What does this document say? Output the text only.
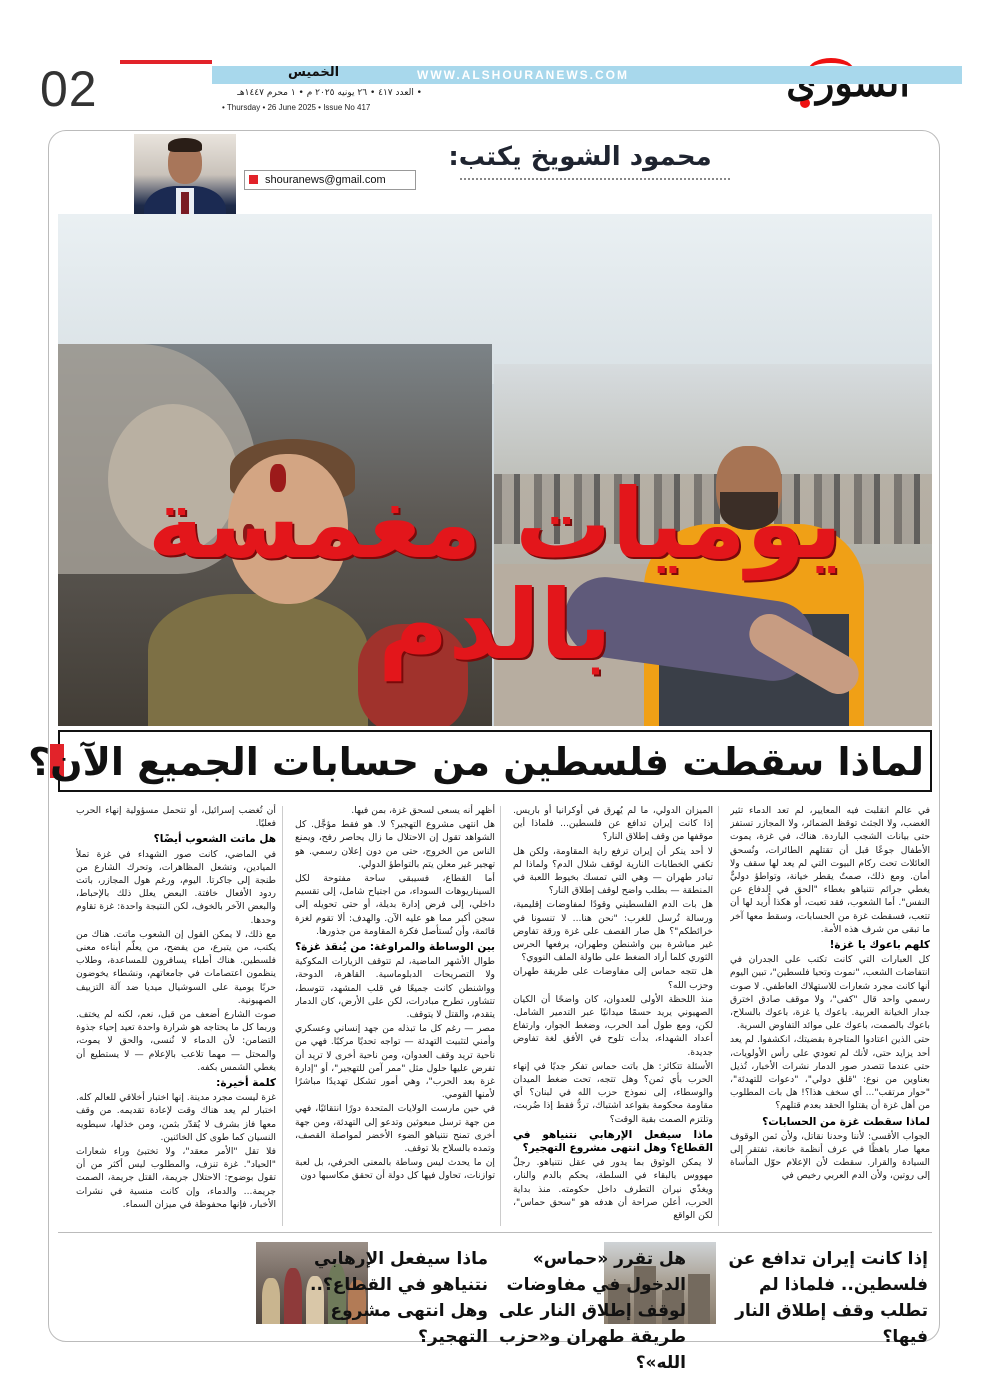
WWW.ALSHOURANEWS.COM
الخميس
• العدد ٤١٧ • ٢٦ يونيه ٢٠٢٥ م • ١ محرم ١٤٤٧هـ
• Thursday • 26 June 2025 • Issue No 417
02
shouranews@gmail.com
محمود الشويخ يكتب:
يوميات مغمسة بالدم
لماذا سقطت فلسطين من حسابات الجميع الآن؟

في عالم انقلبت فيه المعايير، لم تعد الدماء تثير الغضب، ولا الجثث توقظ الضمائر، ولا المجازر تستفز حتى بيانات الشجب الباردة. هناك، في غزة، يموت الأطفال جوعًا قبل أن تقتلهم الطائرات، وتُسحق العائلات تحت ركام البيوت التي لم يعد لها سقف ولا أمان. ومع ذلك، صمتٌ يقطر خيانة، وتواطؤ دوليٌّ يغطي جرائم نتنياهو بغطاء "الحق في الدفاع عن النفس". أما الشعوب، فقد تعبت، أو هكذا أُريد لها أن تتعب، فسقطت غزة من الحسابات، وسقط معها آخر ما تبقى من شرف هذه الأمة.

كلهم باعوك يا غزة!

كل العبارات التي كانت تكتب على الجدران في انتفاضات الشعب، "نموت وتحيا فلسطين"، تبين اليوم أنها كانت مجرد شعارات للاستهلاك العاطفي. لا صوت رسمي واحد قال "كفى"، ولا موقف صادق اخترق جدار الخيانة العربية. باعوك يا غزة، باعوك بالسلاح، باعوك بالصمت، باعوك على موائد التفاوض السرية.

حتى الذين اعتادوا المتاجرة بقضيتك، انكشفوا. لم يعد أحد يزايد حتى، لأنك لم تعودي على رأس الأولويات، حتى عندما تتصدر صور الدمار نشرات الأخبار، تُذيل بعناوين من نوع: "قلق دولي"، "دعوات للتهدئة"، "حوار مرتقب"... أي سخف هذا؟! هل بات المطلوب من أهل غزة أن يقتلوا الحقد بعدم قتلهم؟

لماذا سقطت غزة من الحسابات؟

الجواب الأقسى: لأننا وحدنا نقاتل، ولأن ثمن الوقوف معها صار باهظًا في عرف أنظمة خانعة، تفتقر إلى السيادة والقرار. سقطت لأن الإعلام حوّل المأساة إلى روتين، ولأن الدم العربي رخيص في

الميزان الدولي، ما لم يُهرق في أوكرانيا أو باريس. إذا كانت إيران تدافع عن فلسطين... فلماذا أين موقفها من وقف إطلاق النار؟

لا أحد ينكر أن إيران ترفع راية المقاومة، ولكن هل تكفي الخطابات النارية لوقف شلال الدم؟ ولماذا لم تبادر طهران — وهي التي تمسك بخيوط اللعبة في المنطقة — بطلب واضح لوقف إطلاق النار؟

هل بات الدم الفلسطيني وقودًا لمفاوضات إقليمية، ورسالة تُرسل للغرب: "نحن هنا... لا تنسونا في خرائطكم"؟ هل صار القصف على غزة ورقة تفاوض غير مباشرة بين واشنطن وطهران، يرفعها الحرس الثوري كلما أراد الضغط على طاولة الملف النووي؟

هل تتجه حماس إلى مفاوضات على طريقة طهران وحزب الله؟

منذ اللحظة الأولى للعدوان، كان واضحًا أن الكيان الصهيوني يريد حسمًا ميدانيًا عبر التدمير الشامل. لكن، ومع طول أمد الحرب، وضغط الجوار، وارتفاع أعداد الشهداء، بدأت تلوح في الأفق لغة تفاوض جديدة.

الأسئلة تتكاثر: هل باتت حماس تفكر جديًا في إنهاء الحرب بأي ثمن؟ وهل تتجه، تحت ضغط الميدان والوسطاء، إلى نموذج حزب الله في لبنان؟ أي مقاومة محكومة بقواعد اشتباك، تردُّ فقط إذا ضُربت، وتلتزم الصمت بقية الوقت؟

ماذا سيفعل الإرهابي نتنياهو في القطاع؟ وهل انتهى مشروع التهجير؟

لا يمكن الوثوق بما يدور في عقل نتنياهو. رجلٌ مهووس بالبقاء في السلطة، يحكم بالدم والنار، ويغذّي نيران التطرف داخل حكومته. منذ بداية الحرب، أعلن صراحة أن هدفه هو "سحق حماس"، لكن الواقع

أظهر أنه يسعى لسحق غزة، بمن فيها.

هل انتهى مشروع التهجير؟ لا. هو فقط مؤجَّل. كل الشواهد تقول إن الاحتلال ما زال يحاصر رفح، ويمنع الناس من الخروج، حتى من دون إعلان رسمي. هو تهجير غير معلن يتم بالتواطؤ الدولي.

أما القطاع، فسيبقى ساحة مفتوحة لكل السيناريوهات السوداء، من اجتياح شامل، إلى تقسيم داخلي، إلى فرض إدارة بديلة، أو حتى تحويله إلى سجن أكبر مما هو عليه الآن. والهدف: ألا تقوم لغزة قائمة، وأن تُستأصل فكرة المقاومة من جذورها.

بين الوساطة والمراوغة: من يُنقذ غزة؟

طوال الأشهر الماضية، لم تتوقف الزيارات المكوكية ولا التصريحات الدبلوماسية. القاهرة، الدوحة، وواشنطن كانت جميعًا في قلب المشهد، تتوسط، تتشاور، تطرح مبادرات، لكن على الأرض، كان الدمار يتقدم، والقتل لا يتوقف.

مصر — رغم كل ما تبذله من جهد إنساني وعسكري وأمني لتثبيت التهدئة — تواجه تحديًا مركبًا. فهي من ناحية تريد وقف العدوان، ومن ناحية أخرى لا تريد أن تفرض عليها حلول مثل "ممر آمن للتهجير"، أو "إدارة غزة بعد الحرب"، وهي أمور تشكل تهديدًا مباشرًا لأمنها القومي.

في حين مارست الولايات المتحدة دورًا انتقائيًا، فهي من جهة ترسل مبعوثين وتدعو إلى التهدئة، ومن جهة أخرى تمنح نتنياهو الضوء الأخضر لمواصلة القصف، وتمده بالسلاح بلا توقف.

إن ما يحدث ليس وساطة بالمعنى الحرفي، بل لعبة توازنات، تحاول فيها كل دولة أن تحقق مكاسبها دون

أن تُغضب إسرائيل، أو تتحمل مسؤولية إنهاء الحرب فعليًا.

هل ماتت الشعوب أيضًا؟

في الماضي، كانت صور الشهداء في غزة تملأ الميادين، وتشعل المظاهرات، وتحرك الشارع من طنجة إلى جاكرتا. اليوم، ورغم هول المجازر، باتت ردود الأفعال خافتة. البعض يعلل ذلك بالإحباط، والبعض الآخر بالخوف، لكن النتيجة واحدة: غزة تقاوم وحدها.

مع ذلك، لا يمكن القول إن الشعوب ماتت. هناك من يكتب، من يتبرع، من يفضح، من يعلّم أبناءه معنى فلسطين. هناك أطباء يسافرون للمساعدة، وطلاب ينظمون اعتصامات في جامعاتهم، ونشطاء يخوضون حربًا يومية على السوشيال ميديا ضد آلة التزييف الصهيونية.

صوت الشارع أضعف من قبل، نعم، لكنه لم يختف. وربما كل ما يحتاجه هو شرارة واحدة تعيد إحياء جذوة التضامن: لأن الدماء لا تُنسى، والحق لا يموت، والمحتل — مهما تلاعب بالإعلام — لا يستطيع أن يغطي الشمس بكفه.

كلمة أخيرة:

غزة ليست مجرد مدينة. إنها اختبار أخلاقي للعالم كله. اختبار لم يعد هناك وقت لإعادة تقديمه. من وقف معها فاز بشرف لا يُقدّر بثمن، ومن خذلها، سيطويه النسيان كما طوى كل الخائنين.

فلا تقل "الأمر معقد"، ولا تختبئ وراء شعارات "الحياد". غزة تنزف، والمطلوب ليس أكثر من أن تقول بوضوح: الاحتلال جريمة، القتل جريمة، الصمت جريمة... والدماء، وإن كانت منسية في نشرات الأخبار، فإنها محفوظة في ميزان السماء.

إذا كانت إيران تدافع عن فلسطين.. فلماذا لم تطلب وقف إطلاق النار فيها؟
هل تقرر «حماس» الدخول في مفاوضات لوقف إطلاق النار على طريقة طهران و«حزب الله»؟
ماذا سيفعل الإرهابي نتنياهو في القطاع؟.. وهل انتهى مشروع التهجير؟
